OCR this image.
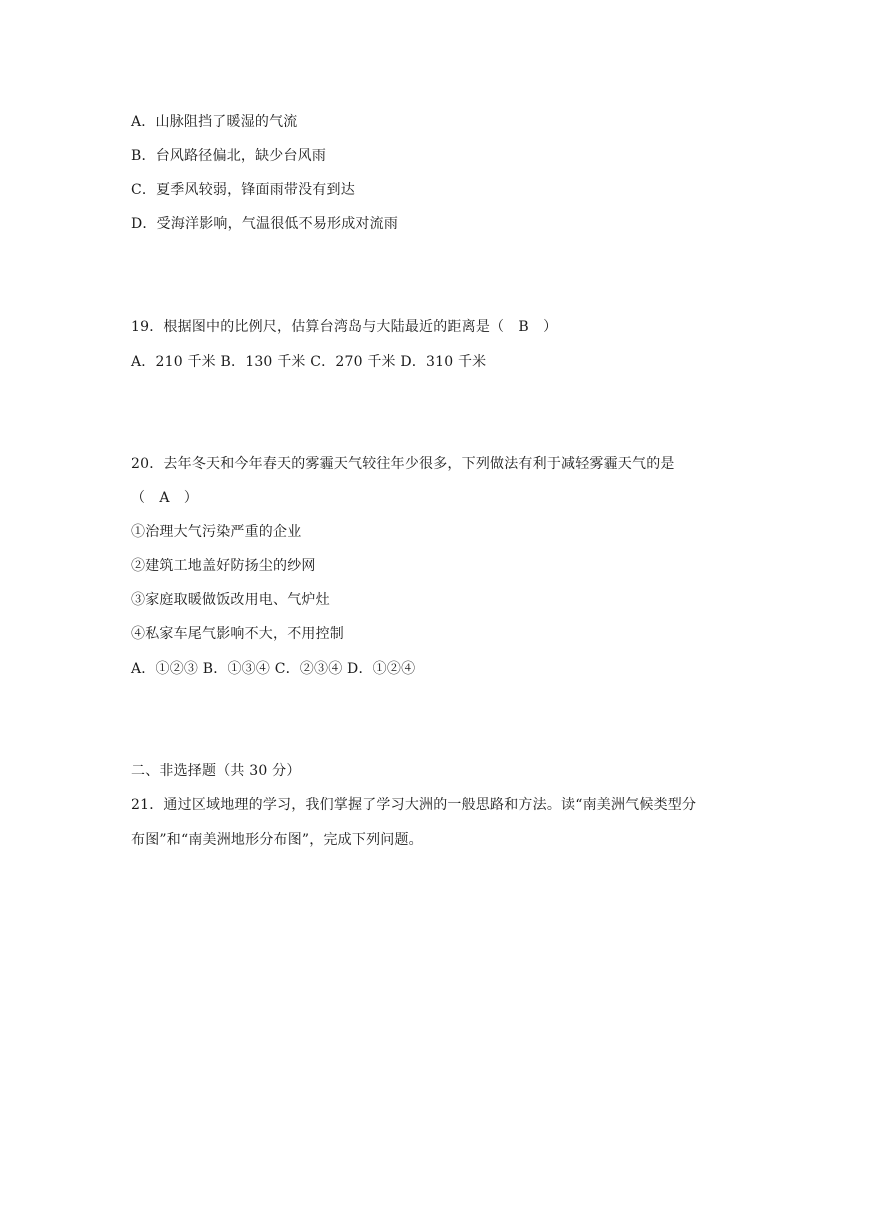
A．山脉阻挡了暖湿的气流
B．台风路径偏北，缺少台风雨
C．夏季风较弱，锋面雨带没有到达
D．受海洋影响，气温很低不易形成对流雨
19．根据图中的比例尺，估算台湾岛与大陆最近的距离是（　B　）
A．210 千米 B．130 千米 C．270 千米 D．310 千米
20．去年冬天和今年春天的雾霾天气较往年少很多，下列做法有利于减轻雾霾天气的是
（　A　）
①治理大气污染严重的企业
②建筑工地盖好防扬尘的纱网
③家庭取暖做饭改用电、气炉灶
④私家车尾气影响不大，不用控制
A．①②③ B．①③④ C．②③④ D．①②④
二、非选择题（共 30 分）
21．通过区域地理的学习，我们掌握了学习大洲的一般思路和方法。读“南美洲气候类型分
布图”和“南美洲地形分布图”，完成下列问题。
